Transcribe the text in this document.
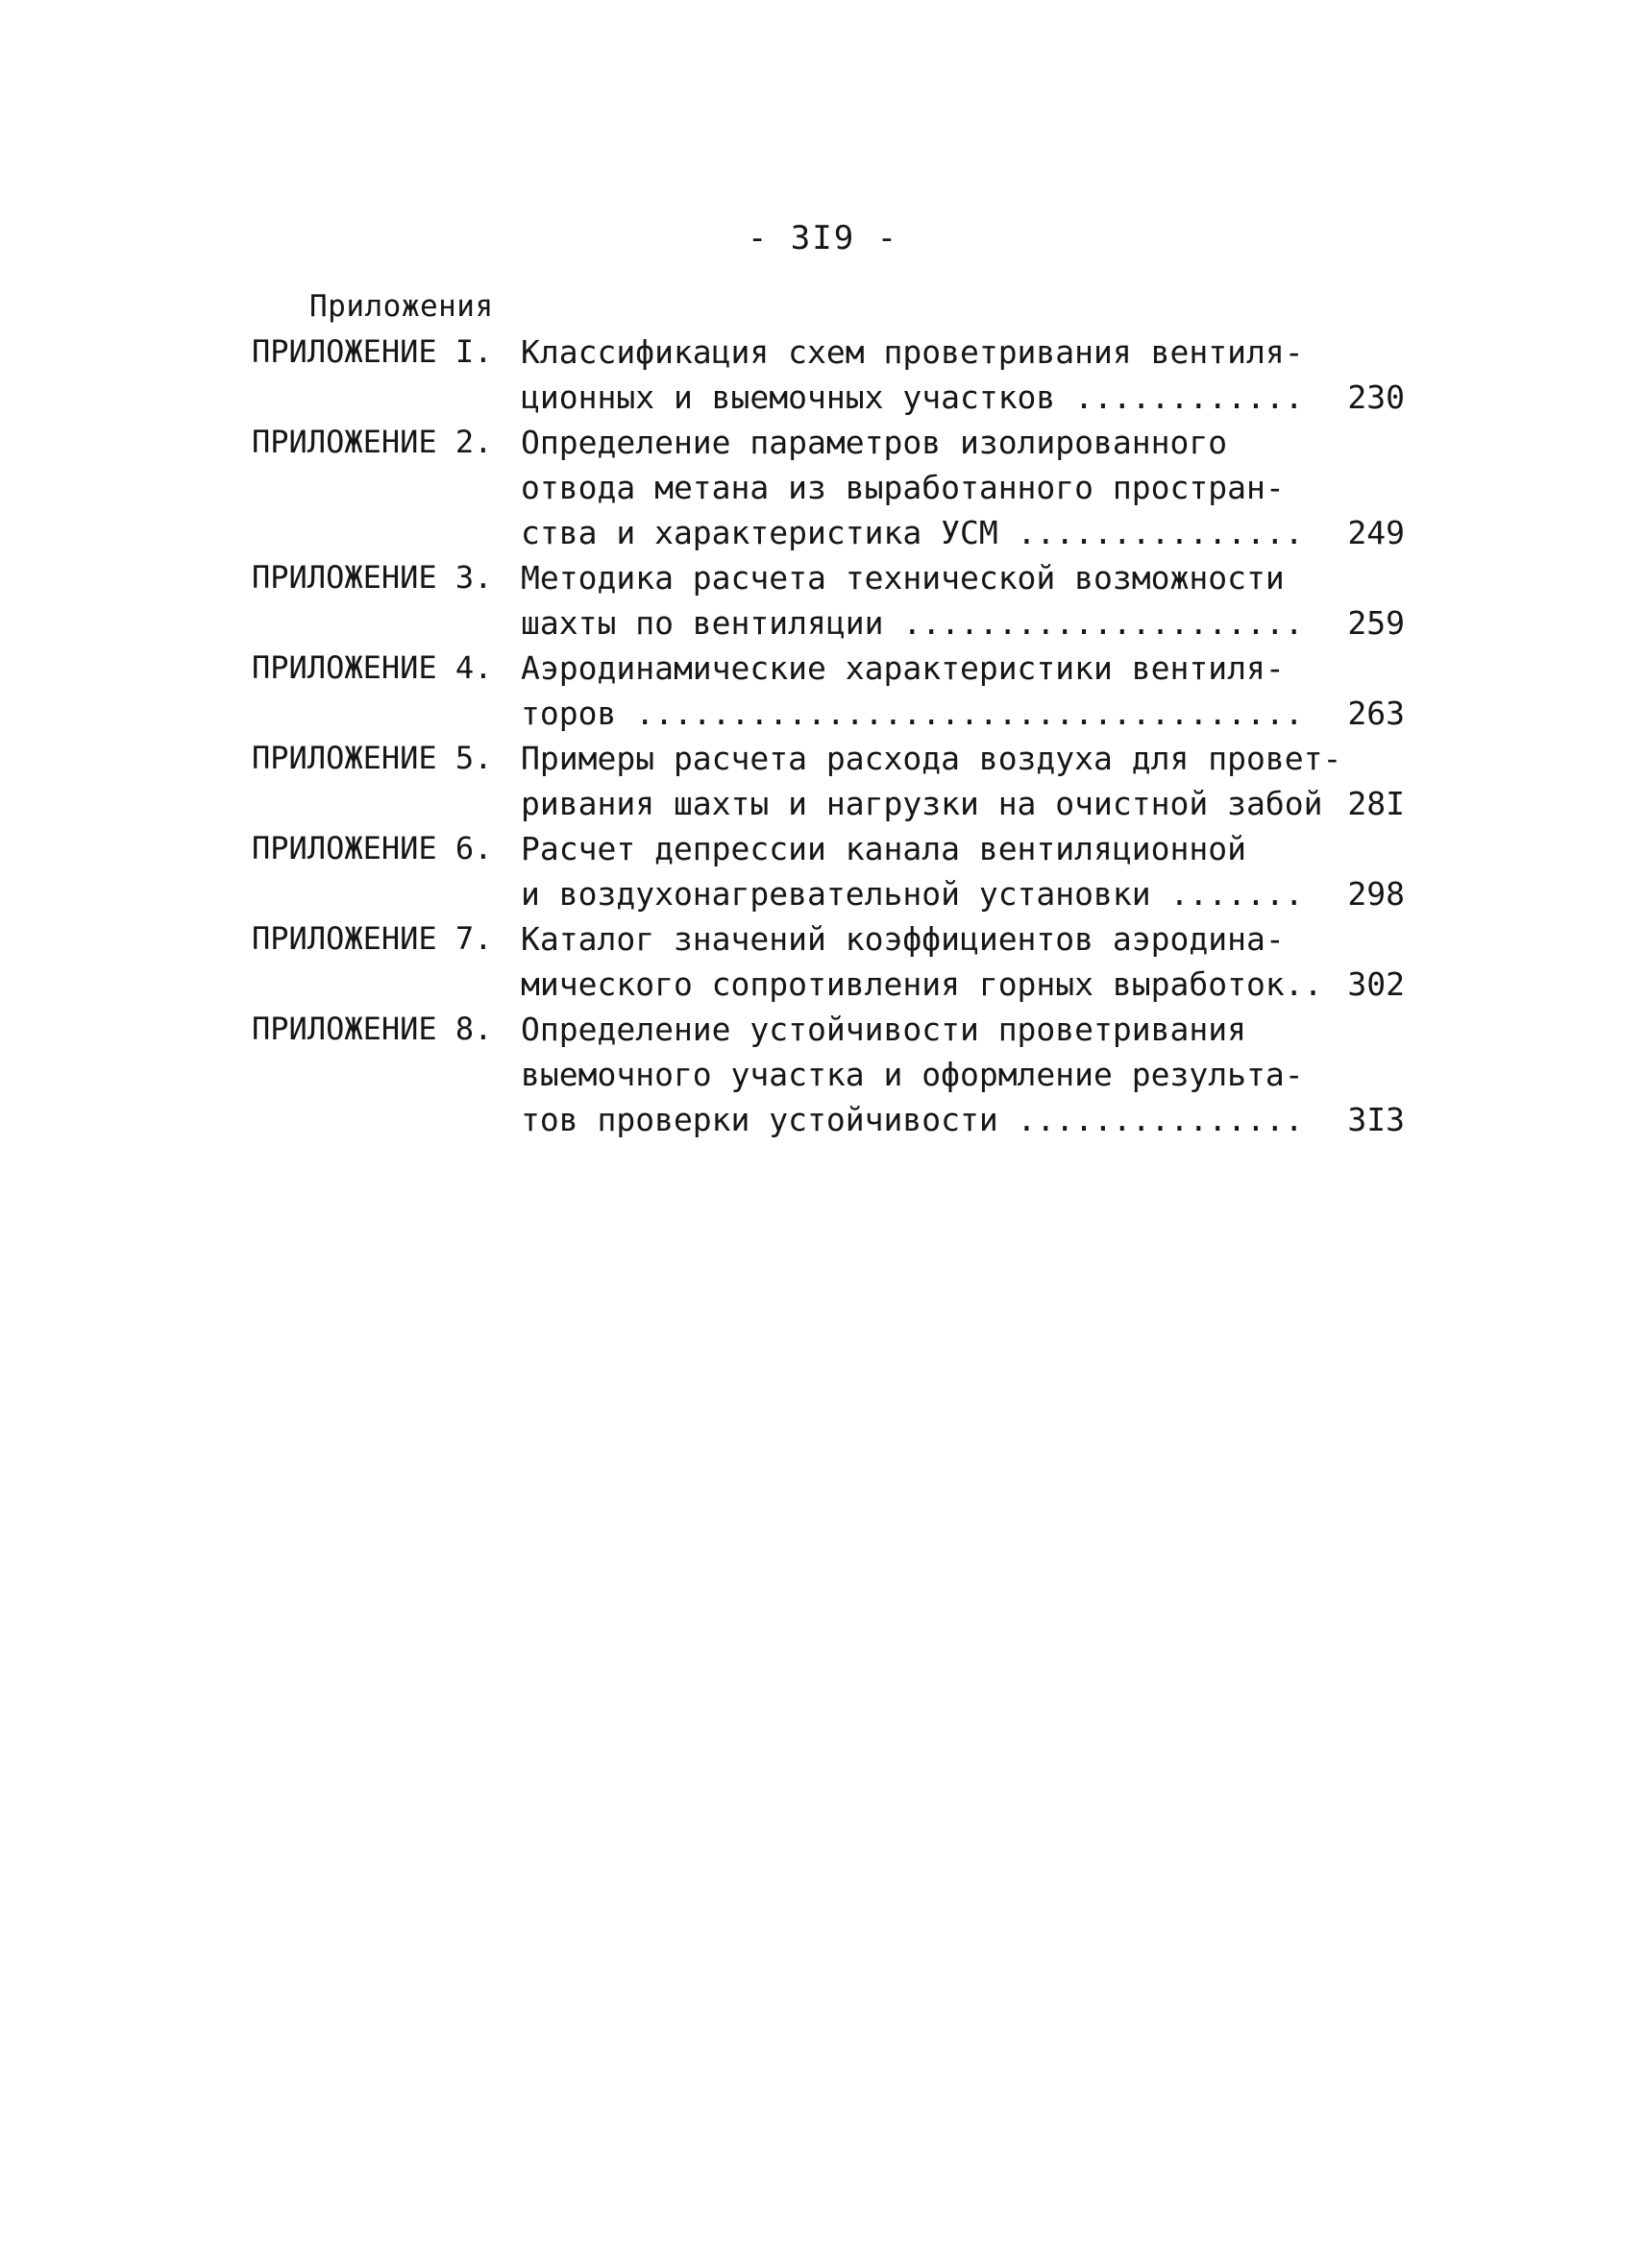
- 3I9 -
Приложения
ПРИЛОЖЕНИЕ I. Классификация схем проветривания вентиля-
ционных и выемочных участков ............	230
ПРИЛОЖЕНИЕ 2. Определение параметров изолированного
отвода метана из выработанного простран-
ства и характеристика УСМ ...............	249
ПРИЛОЖЕНИЕ 3. Методика расчета технической возможности
шахты по вентиляции .....................	259
ПРИЛОЖЕНИЕ 4. Аэродинамические характеристики вентиля-
торов ...................................	263
ПРИЛОЖЕНИЕ 5. Примеры расчета расхода воздуха для провет-
ривания шахты и нагрузки на очистной забой 28I
ПРИЛОЖЕНИЕ 6. Расчет депрессии канала вентиляционной
и воздухонагревательной установки .......	298
ПРИЛОЖЕНИЕ 7. Каталог значений коэффициентов аэродина-
мического сопротивления горных выработок.. 302
ПРИЛОЖЕНИЕ 8. Определение устойчивости проветривания
выемочного участка и оформление результа-
тов проверки устойчивости ...............	3I3
